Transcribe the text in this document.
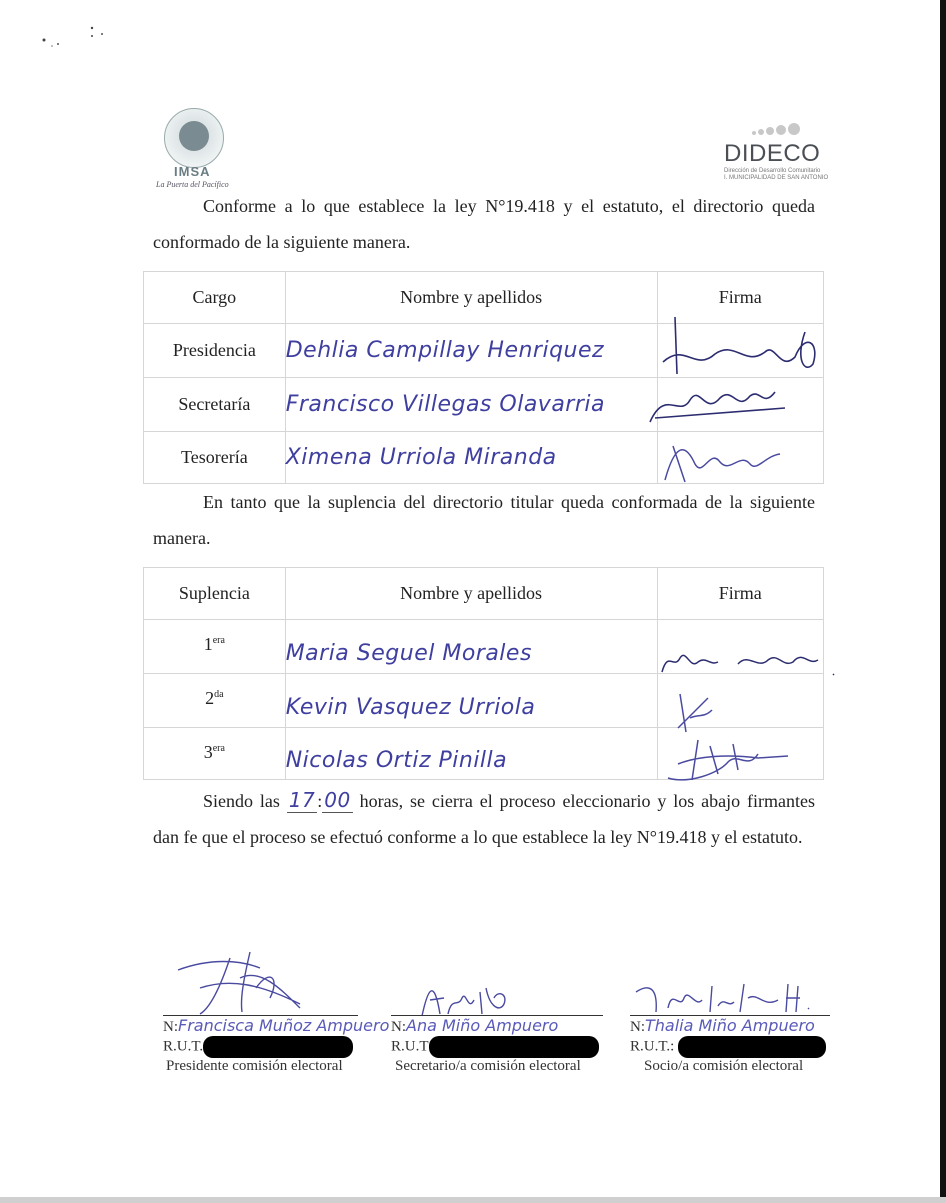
IMSA
La Puerta del Pacífico
DIDECO
Dirección de Desarrollo Comunitario
I. MUNICIPALIDAD DE SAN ANTONIO
Conforme a lo que establece la ley N°19.418 y el estatuto, el directorio queda conformado de la siguiente manera.
Cargo	Nombre y apellidos	Firma
Presidencia	Dehlia Campillay Henriquez	
Secretaría	Francisco Villegas Olavarria	
Tesorería	Ximena Urriola Miranda	
En tanto que la suplencia del directorio titular queda conformada de la siguiente manera.
Suplencia	Nombre y apellidos	Firma
$1^{era}$	Maria Seguel Morales	
$2^{da}$	Kevin Vasquez Urriola	
$3^{era}$	Nicolas Ortiz Pinilla	
Siendo las 17 : 00 horas, se cierra el proceso eleccionario y los abajo firmantes dan fe que el proceso se efectuó conforme a lo que establece la ley N°19.418 y el estatuto.
N:Francisca Muñoz Ampuero
R.U.T.
Presidente comisión electoral
N:Ana Miño Ampuero
R.U.T
Secretario/a comisión electoral
N:Thalia Miño Ampuero
R.U.T.:
Socio/a comisión electoral
